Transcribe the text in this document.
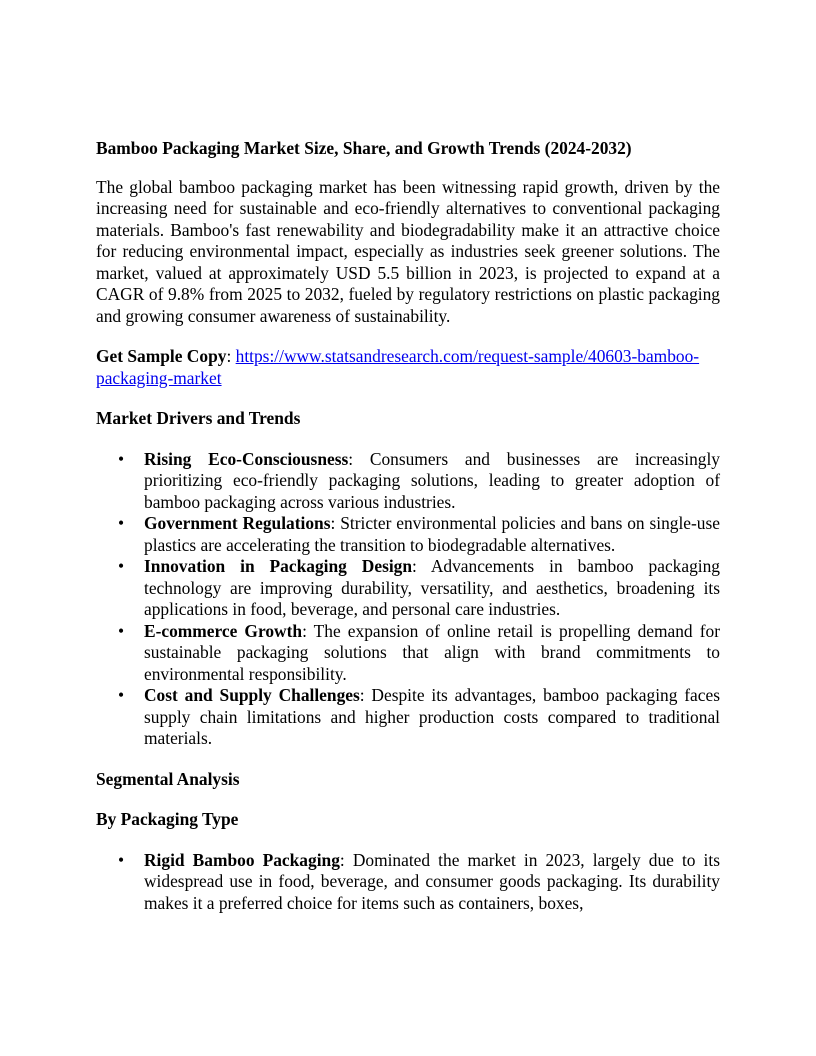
Bamboo Packaging Market Size, Share, and Growth Trends (2024-2032)

The global bamboo packaging market has been witnessing rapid growth, driven by the increasing need for sustainable and eco-friendly alternatives to conventional packaging materials. Bamboo's fast renewability and biodegradability make it an attractive choice for reducing environmental impact, especially as industries seek greener solutions. The market, valued at approximately USD 5.5 billion in 2023, is projected to expand at a CAGR of 9.8% from 2025 to 2032, fueled by regulatory restrictions on plastic packaging and growing consumer awareness of sustainability.

Get Sample Copy: https://www.statsandresearch.com/request-sample/40603-bamboo-packaging-market
Market Drivers and Trends
• Rising Eco-Consciousness: Consumers and businesses are increasingly prioritizing eco-friendly packaging solutions, leading to greater adoption of bamboo packaging across various industries.
• Government Regulations: Stricter environmental policies and bans on single-use plastics are accelerating the transition to biodegradable alternatives.
• Innovation in Packaging Design: Advancements in bamboo packaging technology are improving durability, versatility, and aesthetics, broadening its applications in food, beverage, and personal care industries.
• E-commerce Growth: The expansion of online retail is propelling demand for sustainable packaging solutions that align with brand commitments to environmental responsibility.
• Cost and Supply Challenges: Despite its advantages, bamboo packaging faces supply chain limitations and higher production costs compared to traditional materials.
Segmental Analysis
By Packaging Type
• Rigid Bamboo Packaging: Dominated the market in 2023, largely due to its widespread use in food, beverage, and consumer goods packaging. Its durability makes it a preferred choice for items such as containers, boxes,
